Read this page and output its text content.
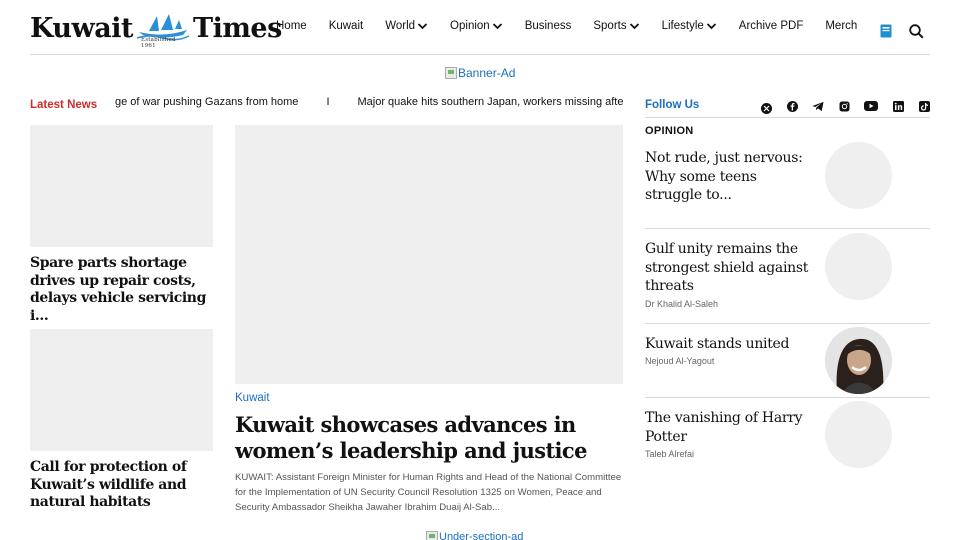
Kuwait Established 1961
Times
Home Kuwait World	Opinion	Business Sports	Lifestyle	Archive PDF Merch
Banner-Ad
Latest News ge of war pushing Gazans from home	I	Major quake hits southern Japan, workers missing afte
Spare parts shortage drives up repair costs, delays vehicle servicing i...
Call for protection of Kuwait’s wildlife and natural habitats
Kuwait
Kuwait showcases advances in women’s leadership and justice
KUWAIT: Assistant Foreign Minister for Human Rights and Head of the National Committee for the Implementation of UN Security Council Resolution 1325 on Women, Peace and Security Ambassador Sheikha Jawaher Ibrahim Duaij Al-Sab...
Follow Us
OPINION
Not rude, just nervous: Why some teens struggle to...
Gulf unity remains the strongest shield against threats
Dr Khalid Al-Saleh
Kuwait stands united
Nejoud Al-Yagout
The vanishing of Harry Potter
Taleb Alrefai
Under-section-ad
